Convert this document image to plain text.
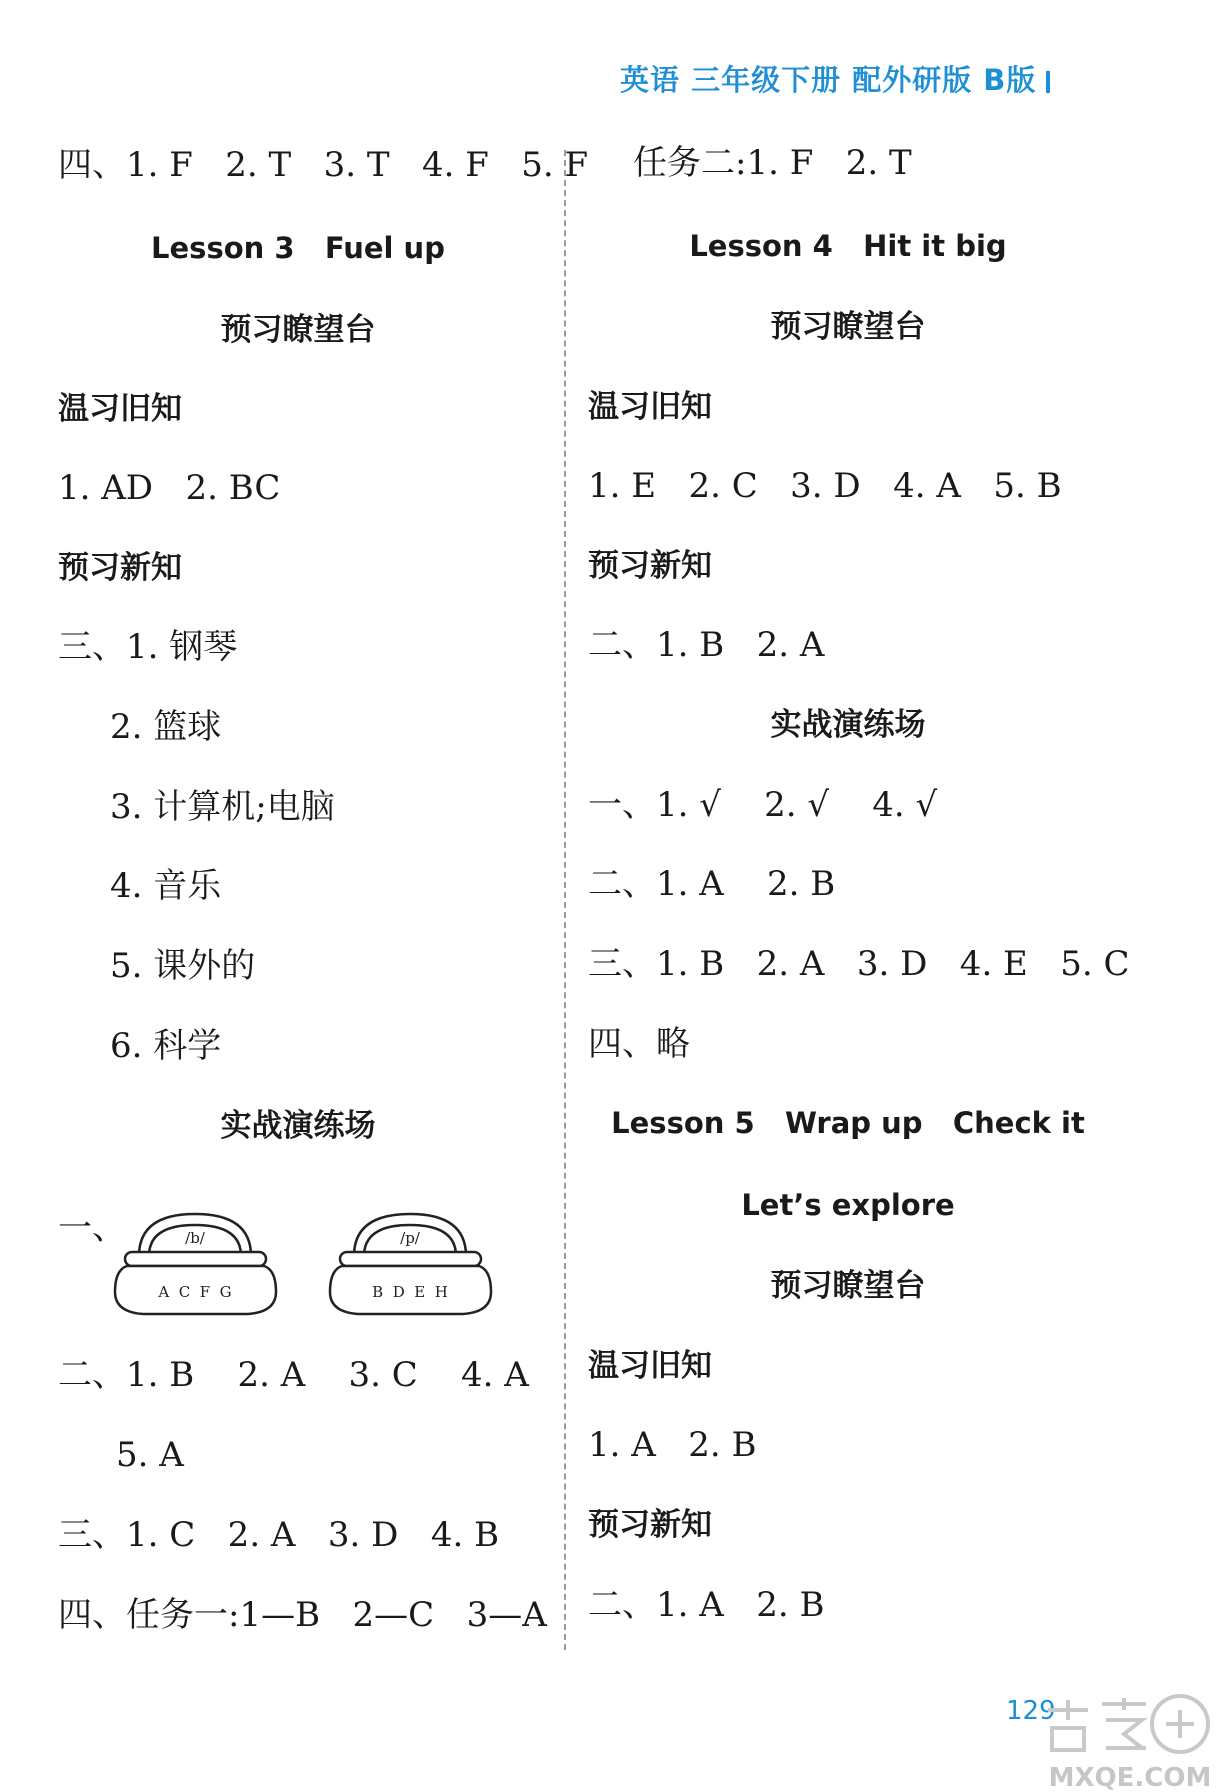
英语 三年级下册 配外研版 B版
四、1. F   2. T   3. T   4. F   5. F
Lesson 3   Fuel up
预习瞭望台
温习旧知
1. AD   2. BC
预习新知
三、1. 钢琴
2. 篮球
3. 计算机;电脑
4. 音乐
5. 课外的
6. 科学
实战演练场
一、	/b/
A  C  F  G
/p/
B  D  E  H
二、1. B    2. A    3. C    4. A
5. A
三、1. C   2. A   3. D   4. B
四、任务一:1—B   2—C   3—A
任务二:1. F   2. T
Lesson 4   Hit it big
预习瞭望台
温习旧知
1. E   2. C   3. D   4. A   5. B
预习新知
二、1. B   2. A
实战演练场
一、1. √    2. √    4. √
二、1. A    2. B
三、1. B   2. A   3. D   4. E   5. C
四、略
Lesson 5   Wrap up   Check it
Let’s explore
预习瞭望台
温习旧知
1. A   2. B
预习新知
二、1. A   2. B
129
MXQE.COM
